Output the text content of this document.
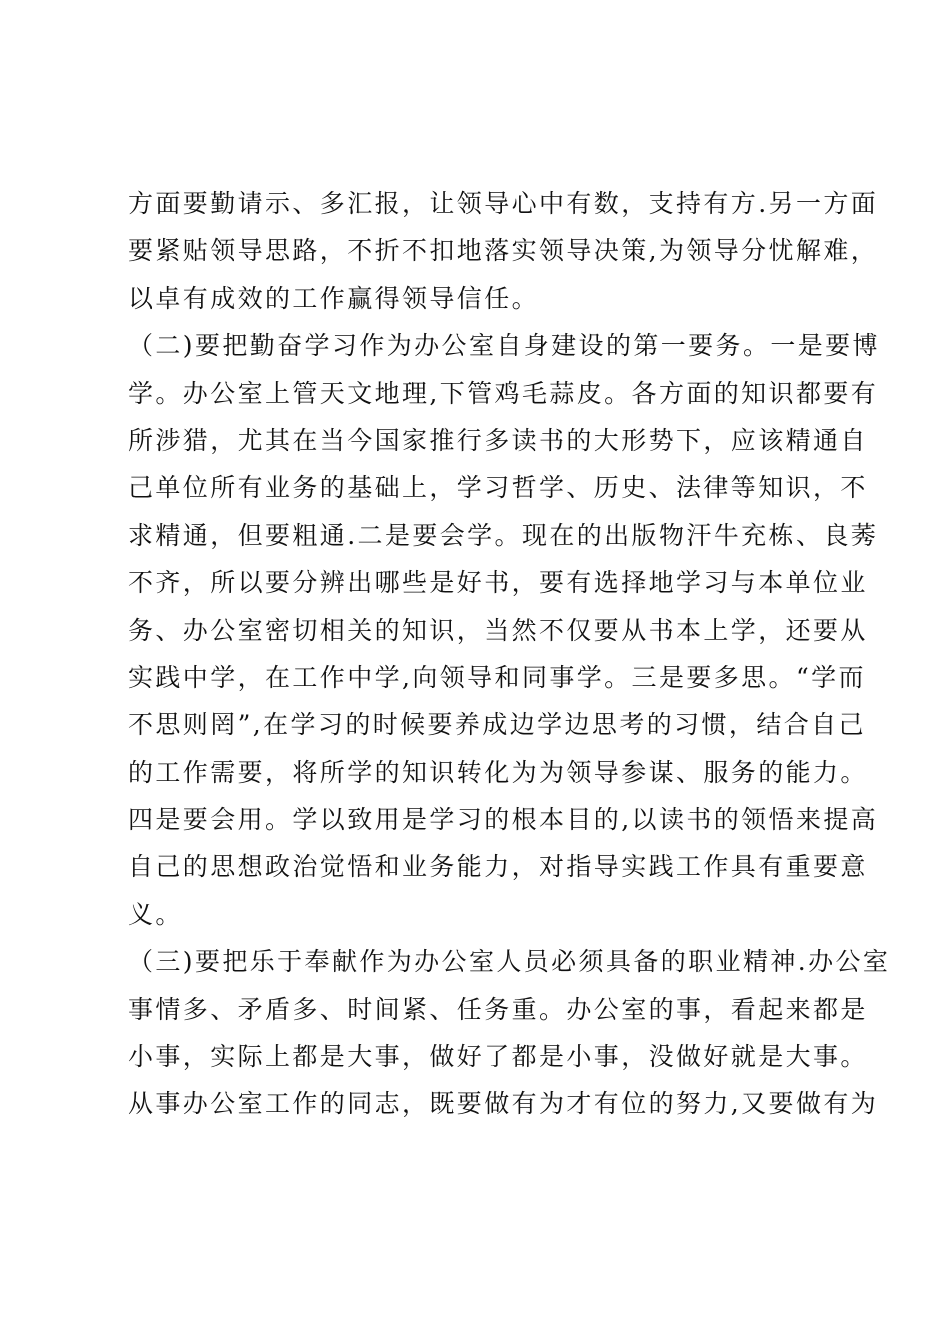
方面要勤请示、多汇报，让领导心中有数，支持有方.另一方面
要紧贴领导思路，不折不扣地落实领导决策,为领导分忧解难，
以卓有成效的工作赢得领导信任。
（二)要把勤奋学习作为办公室自身建设的第一要务。一是要博
学。办公室上管天文地理,下管鸡毛蒜皮。各方面的知识都要有
所涉猎，尤其在当今国家推行多读书的大形势下，应该精通自
己单位所有业务的基础上，学习哲学、历史、法律等知识，不
求精通，但要粗通.二是要会学。现在的出版物汗牛充栋、良莠
不齐，所以要分辨出哪些是好书，要有选择地学习与本单位业
务、办公室密切相关的知识，当然不仅要从书本上学，还要从
实践中学，在工作中学,向领导和同事学。三是要多思。“学而
不思则罔”,在学习的时候要养成边学边思考的习惯，结合自己
的工作需要，将所学的知识转化为为领导参谋、服务的能力。
四是要会用。学以致用是学习的根本目的,以读书的领悟来提高
自己的思想政治觉悟和业务能力，对指导实践工作具有重要意
义。
（三)要把乐于奉献作为办公室人员必须具备的职业精神.办公室
事情多、矛盾多、时间紧、任务重。办公室的事，看起来都是
小事，实际上都是大事，做好了都是小事，没做好就是大事。
从事办公室工作的同志，既要做有为才有位的努力,又要做有为
